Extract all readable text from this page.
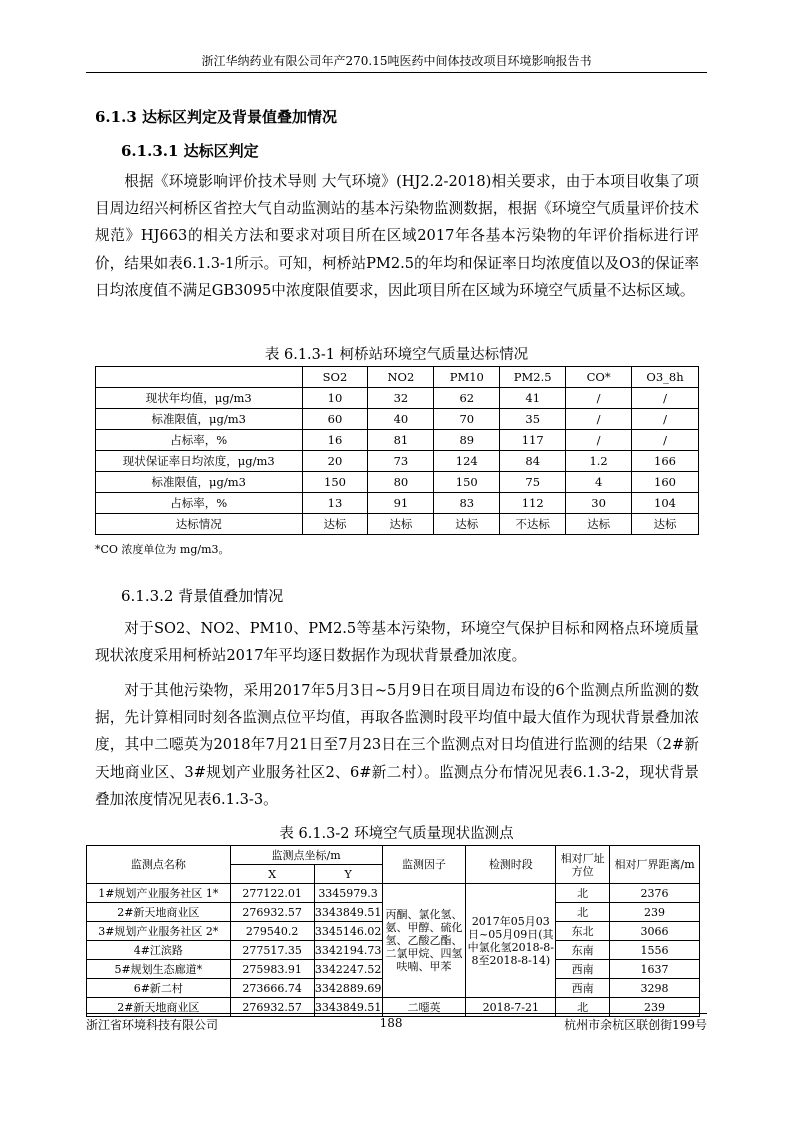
浙江华纳药业有限公司年产270.15吨医药中间体技改项目环境影响报告书
6.1.3 达标区判定及背景值叠加情况
6.1.3.1 达标区判定
根据《环境影响评价技术导则 大气环境》(HJ2.2-2018)相关要求，由于本项目收集了项目周边绍兴柯桥区省控大气自动监测站的基本污染物监测数据，根据《环境空气质量评价技术规范》HJ663的相关方法和要求对项目所在区域2017年各基本污染物的年评价指标进行评价，结果如表6.1.3-1所示。可知，柯桥站PM2.5的年均和保证率日均浓度值以及O3的保证率日均浓度值不满足GB3095中浓度限值要求，因此项目所在区域为环境空气质量不达标区域。
表 6.1.3-1 柯桥站环境空气质量达标情况
	SO2	NO2	PM10	PM2.5	CO*	O3_8h
现状年均值，μg/m3	10	32	62	41	/	/
标准限值，μg/m3	60	40	70	35	/	/
占标率，%	16	81	89	117	/	/
现状保证率日均浓度，μg/m3	20	73	124	84	1.2	166
标准限值，μg/m3	150	80	150	75	4	160
占标率，%	13	91	83	112	30	104
达标情况	达标	达标	达标	不达标	达标	达标
*CO 浓度单位为 mg/m3。
6.1.3.2 背景值叠加情况
对于SO2、NO2、PM10、PM2.5等基本污染物，环境空气保护目标和网格点环境质量现状浓度采用柯桥站2017年平均逐日数据作为现状背景叠加浓度。
对于其他污染物，采用2017年5月3日~5月9日在项目周边布设的6个监测点所监测的数据，先计算相同时刻各监测点位平均值，再取各监测时段平均值中最大值作为现状背景叠加浓度，其中二噁英为2018年7月21日至7月23日在三个监测点对日均值进行监测的结果（2#新天地商业区、3#规划产业服务社区2、6#新二村）。监测点分布情况见表6.1.3-2，现状背景叠加浓度情况见表6.1.3-3。
表 6.1.3-2 环境空气质量现状监测点
监测点名称	监测点坐标/m		监测因子	检测时段	相对厂址方位	相对厂界距离/m
	X	Y				
1#规划产业服务社区 1*	277122.01	3345979.3	丙酮、氯化氢、氨、甲醇、硫化氢、乙酸乙酯、二氯甲烷、四氢呋喃、甲苯	2017年05月03日~05月09日(其中氯化氢2018-8-8至2018-8-14)	北	2376
2#新天地商业区	276932.57	3343849.51			北	239
3#规划产业服务社区 2*	279540.2	3345146.02			东北	3066
4#江滨路	277517.35	3342194.73			东南	1556
5#规划生态廊道*	275983.91	3342247.52			西南	1637
6#新二村	273666.74	3342889.69			西南	3298
2#新天地商业区	276932.57	3343849.51	二噁英	2018-7-21	北	239
浙江省环境科技有限公司	188	杭州市余杭区联创街199号
